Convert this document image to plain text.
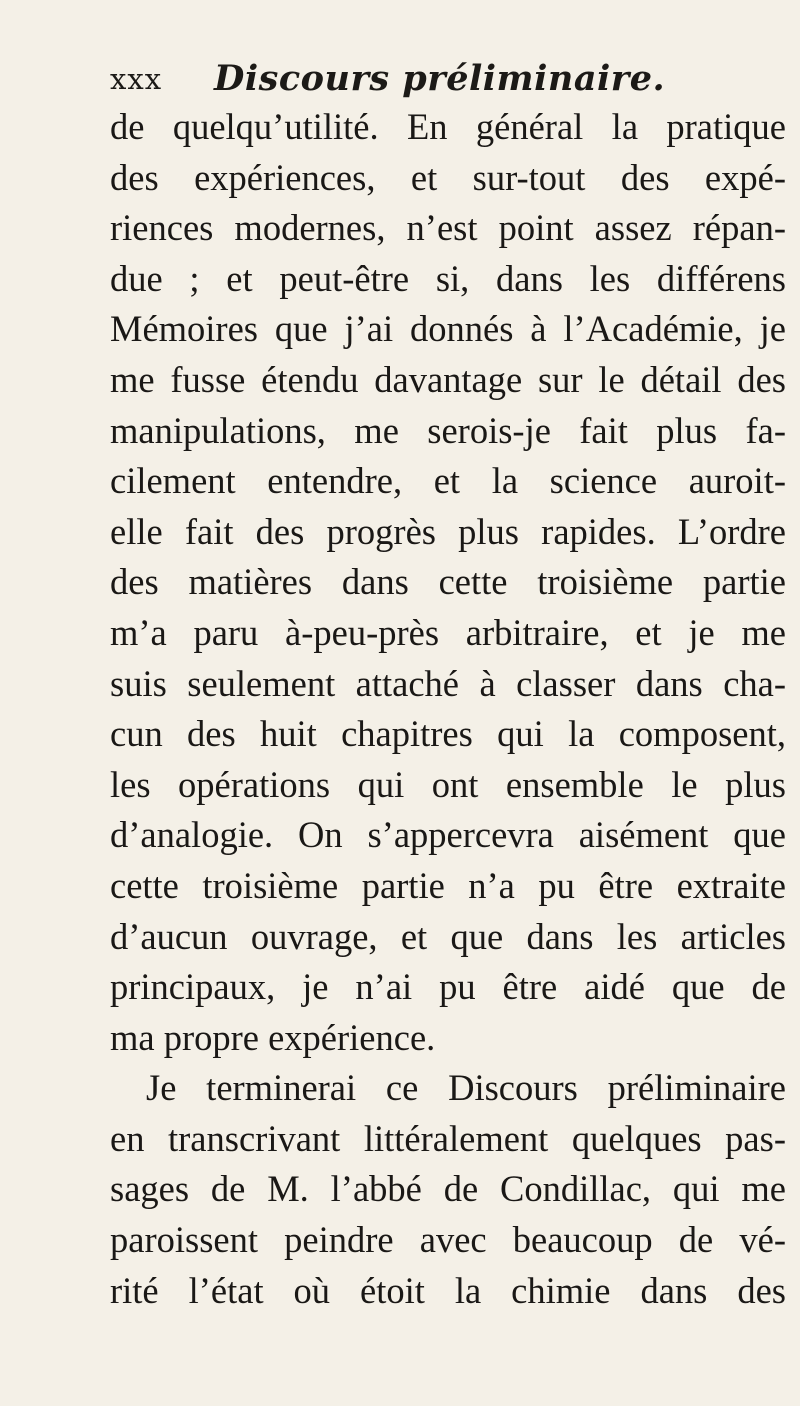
xxx Discours préliminaire.
de quelqu’utilité. En général la pratique
des expériences, et sur-tout des expé-
riences modernes, n’est point assez répan-
due ; et peut-être si, dans les différens
Mémoires que j’ai donnés à l’Académie, je
me fusse étendu davantage sur le détail des
manipulations, me serois-je fait plus fa-
cilement entendre, et la science auroit-
elle fait des progrès plus rapides. L’ordre
des matières dans cette troisième partie
m’a paru à-peu-près arbitraire, et je me
suis seulement attaché à classer dans cha-
cun des huit chapitres qui la composent,
les opérations qui ont ensemble le plus
d’analogie. On s’appercevra aisément que
cette troisième partie n’a pu être extraite
d’aucun ouvrage, et que dans les articles
principaux, je n’ai pu être aidé que de
ma propre expérience.
Je terminerai ce Discours préliminaire
en transcrivant littéralement quelques pas-
sages de M. l’abbé de Condillac, qui me
paroissent peindre avec beaucoup de vé-
rité l’état où étoit la chimie dans des
